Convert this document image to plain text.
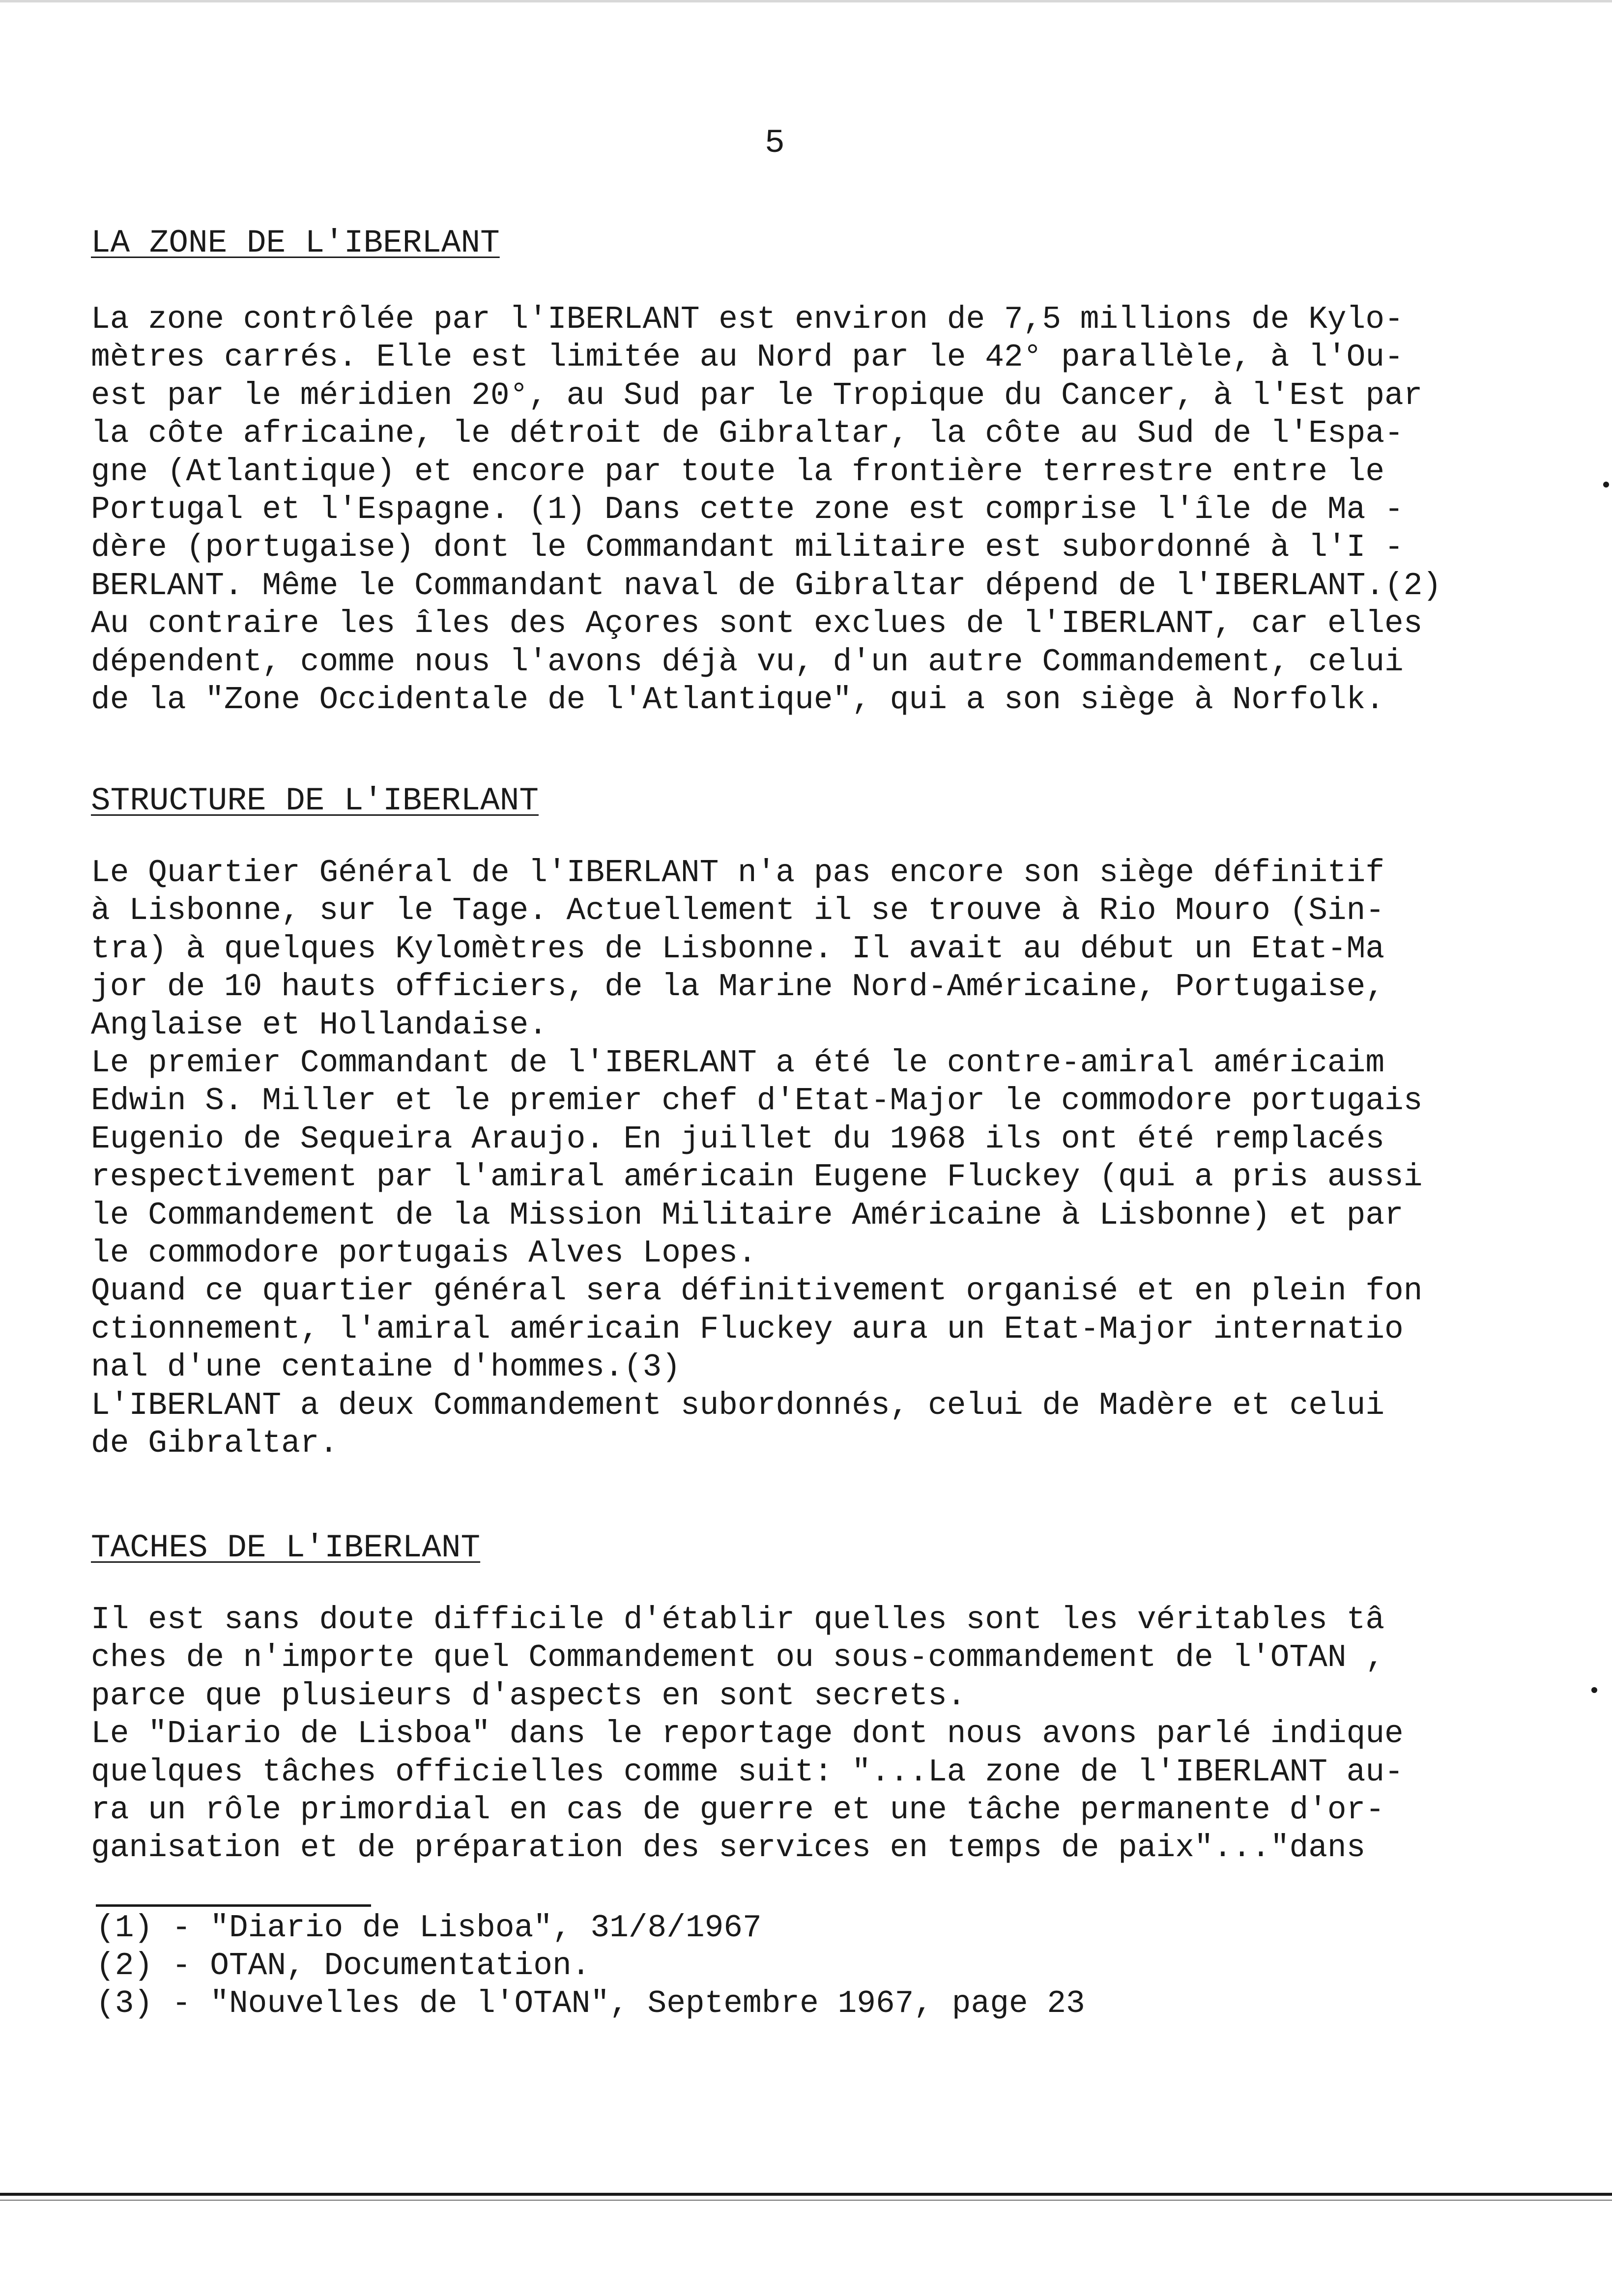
5
LA ZONE DE L'IBERLANT
La zone contrôlée par l'IBERLANT est environ de 7,5 millions de Kylo-
mètres carrés. Elle est limitée au Nord par le 42° parallèle, à l'Ou-
est par le méridien 20°, au Sud par le Tropique du Cancer, à l'Est par
la côte africaine, le détroit de Gibraltar, la côte au Sud de l'Espa-
gne (Atlantique) et encore par toute la frontière terrestre entre le
Portugal et l'Espagne. (1) Dans cette zone est comprise l'île de Ma -
dère (portugaise) dont le Commandant militaire est subordonné à l'I -
BERLANT. Même le Commandant naval de Gibraltar dépend de l'IBERLANT.(2)
Au contraire les îles des Açores sont exclues de l'IBERLANT, car elles
dépendent, comme nous l'avons déjà vu, d'un autre Commandement, celui
de la "Zone Occidentale de l'Atlantique", qui a son siège à Norfolk.
STRUCTURE DE L'IBERLANT
Le Quartier Général de l'IBERLANT n'a pas encore son siège définitif
à Lisbonne, sur le Tage. Actuellement il se trouve à Rio Mouro (Sin-
tra) à quelques Kylomètres de Lisbonne. Il avait au début un Etat-Ma
jor de 10 hauts officiers, de la Marine Nord-Américaine, Portugaise,
Anglaise et Hollandaise.
Le premier Commandant de l'IBERLANT a été le contre-amiral américaim
Edwin S. Miller et le premier chef d'Etat-Major le commodore portugais
Eugenio de Sequeira Araujo. En juillet du 1968 ils ont été remplacés
respectivement par l'amiral américain Eugene Fluckey (qui a pris aussi
le Commandement de la Mission Militaire Américaine à Lisbonne) et par
le commodore portugais Alves Lopes.
Quand ce quartier général sera définitivement organisé et en plein fon
ctionnement, l'amiral américain Fluckey aura un Etat-Major internatio
nal d'une centaine d'hommes.(3)
L'IBERLANT a deux Commandement subordonnés, celui de Madère et celui
de Gibraltar.
TACHES DE L'IBERLANT
Il est sans doute difficile d'établir quelles sont les véritables tâ
ches de n'importe quel Commandement ou sous-commandement de l'OTAN ,
parce que plusieurs d'aspects en sont secrets.
Le "Diario de Lisboa" dans le reportage dont nous avons parlé indique
quelques tâches officielles comme suit: "...La zone de l'IBERLANT au-
ra un rôle primordial en cas de guerre et une tâche permanente d'or-
ganisation et de préparation des services en temps de paix"..."dans
(1) - "Diario de Lisboa", 31/8/1967
(2) - OTAN, Documentation.
(3) - "Nouvelles de l'OTAN", Septembre 1967, page 23
